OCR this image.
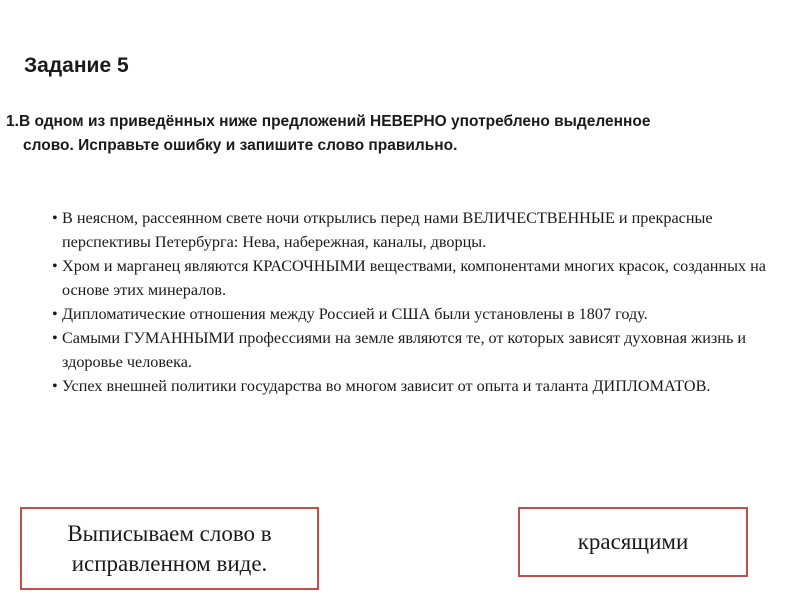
Задание 5
1.В одном из приведённых ниже предложений НЕВЕРНО употреблено выделенное
слово. Исправьте ошибку и запишите слово правильно.
• В неясном, рассеянном свете ночи открылись перед нами ВЕЛИЧЕСТВЕННЫЕ и прекрасные перспективы Петербурга: Нева, набережная, каналы, дворцы.
• Хром и марганец являются КРАСОЧНЫМИ веществами, компонентами многих красок, созданных на основе этих минералов.
• Дипломатические отношения между Россией и США были установлены в 1807 году.
• Самыми ГУМАННЫМИ профессиями на земле являются те, от которых зависят духовная жизнь и здоровье человека.
• Успех внешней политики государства во многом зависит от опыта и таланта ДИПЛОМАТОВ.
Выписываем слово в исправленном виде.
красящими
